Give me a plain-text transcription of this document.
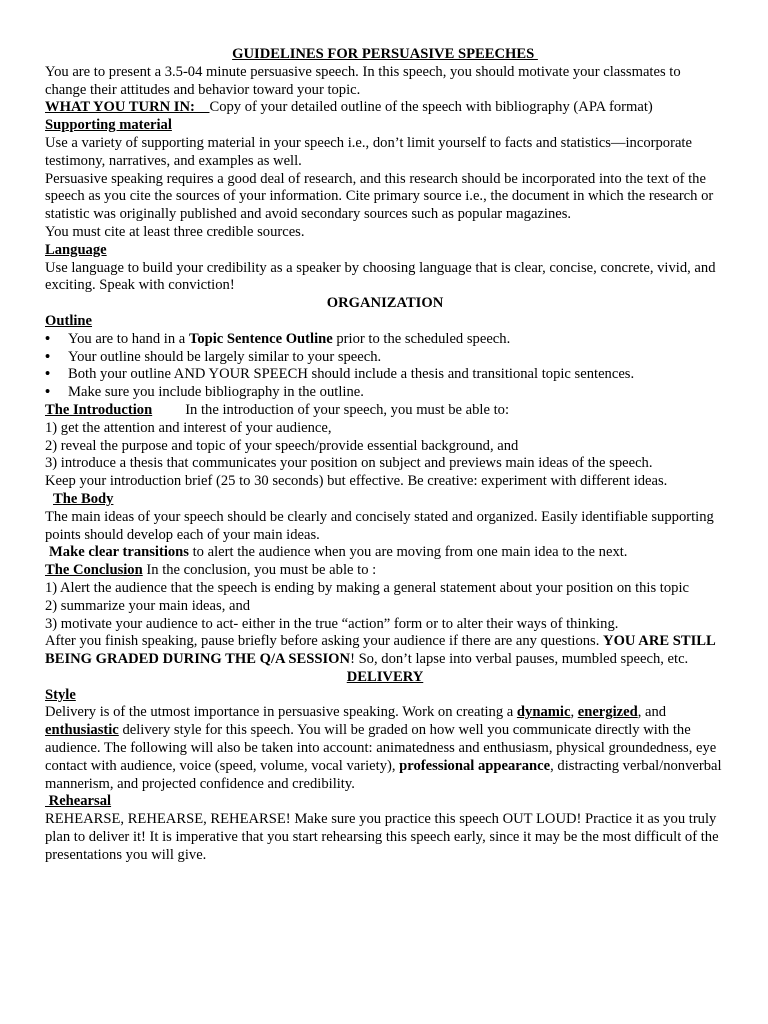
GUIDELINES FOR PERSUASIVE SPEECHES

You are to present a 3.5-04 minute persuasive speech. In this speech, you should motivate your classmates to change their attitudes and behavior toward your topic.

WHAT YOU TURN IN:    Copy of your detailed outline of the speech with bibliography (APA format)

Supporting material

Use a variety of supporting material in your speech i.e., don’t limit yourself to facts and statistics—incorporate testimony, narratives, and examples as well.

Persuasive speaking requires a good deal of research, and this research should be incorporated into the text of the speech as you cite the sources of your information. Cite primary source i.e., the document in which the research or statistic was originally published and avoid secondary sources such as popular magazines.

You must cite at least three credible sources.

Language

Use language to build your credibility as a speaker by choosing language that is clear, concise, concrete, vivid, and exciting. Speak with conviction!

ORGANIZATION

Outline

• You are to hand in a Topic Sentence Outline prior to the scheduled speech.
• Your outline should be largely similar to your speech.
• Both your outline AND YOUR SPEECH should include a thesis and transitional topic sentences.
• Make sure you include bibliography in the outline.

The Introduction In the introduction of your speech, you must be able to:

1) get the attention and interest of your audience,

2) reveal the purpose and topic of your speech/provide essential background, and

3) introduce a thesis that communicates your position on subject and previews main ideas of the speech.

Keep your introduction brief (25 to 30 seconds) but effective. Be creative: experiment with different ideas.

The Body

The main ideas of your speech should be clearly and concisely stated and organized. Easily identifiable supporting points should develop each of your main ideas.

Make clear transitions to alert the audience when you are moving from one main idea to the next.

The Conclusion In the conclusion, you must be able to :

1) Alert the audience that the speech is ending by making a general statement about your position on this topic

2) summarize your main ideas, and

3) motivate your audience to act- either in the true “action” form or to alter their ways of thinking.

After you finish speaking, pause briefly before asking your audience if there are any questions. YOU ARE STILL BEING GRADED DURING THE Q/A SESSION! So, don’t lapse into verbal pauses, mumbled speech, etc.

DELIVERY

Style

Delivery is of the utmost importance in persuasive speaking. Work on creating a dynamic, energized, and enthusiastic delivery style for this speech. You will be graded on how well you communicate directly with the audience. The following will also be taken into account: animatedness and enthusiasm, physical groundedness, eye contact with audience, voice (speed, volume, vocal variety), professional appearance, distracting verbal/nonverbal mannerism, and projected confidence and credibility.

Rehearsal

REHEARSE, REHEARSE, REHEARSE! Make sure you practice this speech OUT LOUD! Practice it as you truly plan to deliver it! It is imperative that you start rehearsing this speech early, since it may be the most difficult of the presentations you will give.
